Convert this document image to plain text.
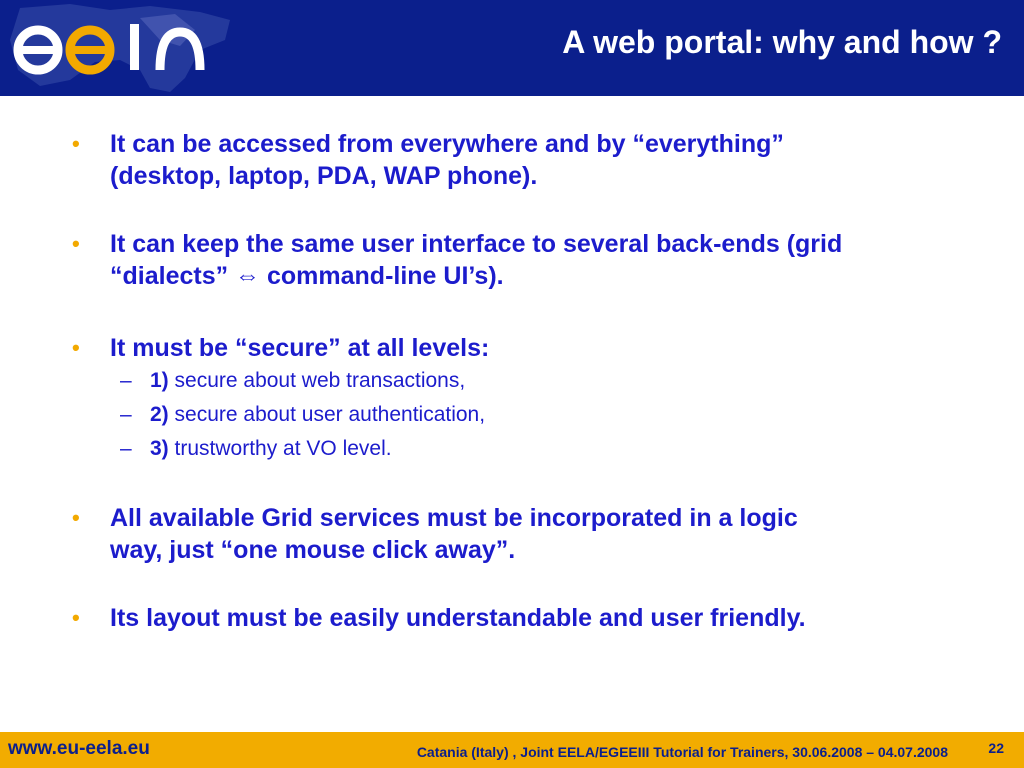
A web portal: why and how ?
• It can be accessed from everywhere and by “everything”
(desktop, laptop, PDA, WAP phone).
• It can keep the same user interface to several back-ends (grid
“dialects” ⇔ command-line UI’s).
• It must be “secure” at all levels:
– 1) secure about web transactions,
– 2) secure about user authentication,
– 3) trustworthy at VO level.
• All available Grid services must be incorporated in a logic
way, just “one mouse click away”.
• Its layout must be easily understandable and user friendly.
www.eu-eela.eu	Catania (Italy) , Joint EELA/EGEEIII Tutorial for Trainers, 30.06.2008 – 04.07.2008	22
